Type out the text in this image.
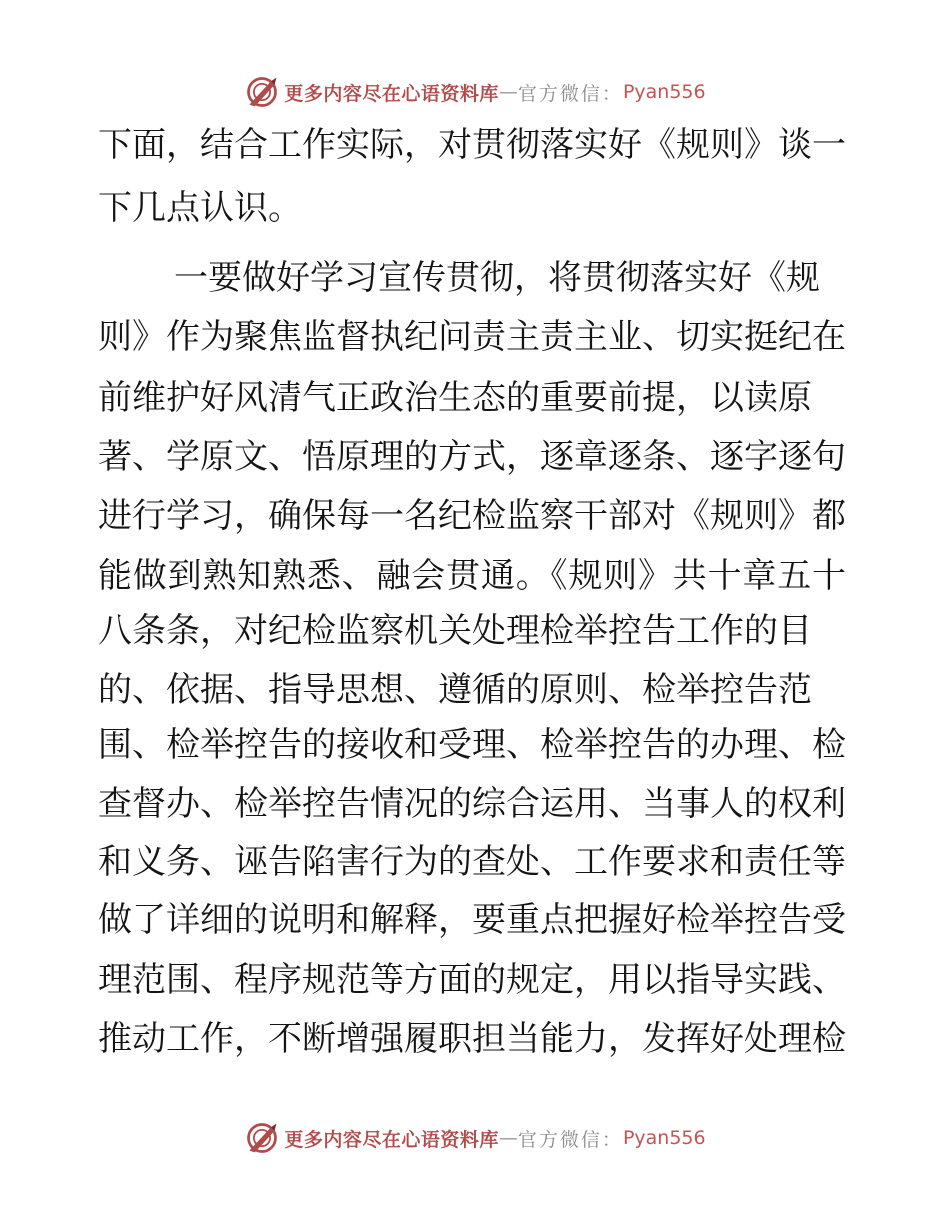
更多内容尽在心语资料库 — 官方微信： Pyan556
下面，结合工作实际，对贯彻落实好《规则》谈一
下几点认识。
一要做好学习宣传贯彻，将贯彻落实好《规
则》作为聚焦监督执纪问责主责主业、切实挺纪在
前维护好风清气正政治生态的重要前提，以读原
著、学原文、悟原理的方式，逐章逐条、逐字逐句
进行学习，确保每一名纪检监察干部对《规则》都
能做到熟知熟悉、融会贯通。《规则》共十章五十
八条条，对纪检监察机关处理检举控告工作的目
的、依据、指导思想、遵循的原则、检举控告范
围、检举控告的接收和受理、检举控告的办理、检
查督办、检举控告情况的综合运用、当事人的权利
和义务、诬告陷害行为的查处、工作要求和责任等
做了详细的说明和解释，要重点把握好检举控告受
理范围、程序规范等方面的规定，用以指导实践、
推动工作，不断增强履职担当能力，发挥好处理检
更多内容尽在心语资料库 — 官方微信： Pyan556
